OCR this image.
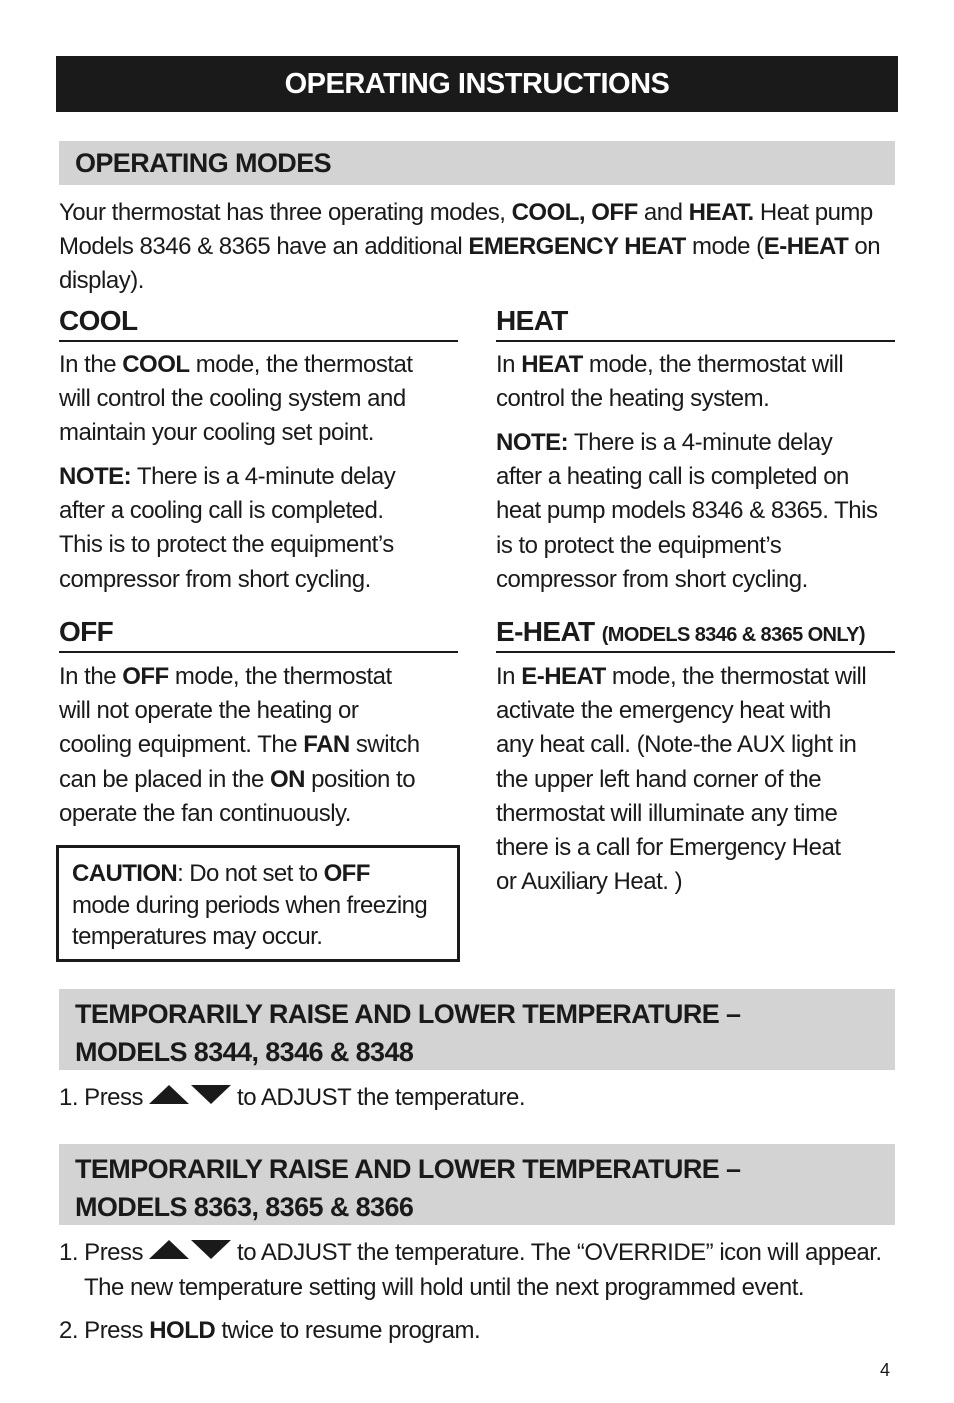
OPERATING INSTRUCTIONS
OPERATING MODES
Your thermostat has three operating modes, COOL, OFF and HEAT. Heat pump
Models 8346 & 8365 have an additional EMERGENCY HEAT mode (E-HEAT on
display).
COOL
In the COOL mode, the thermostat
will control the cooling system and
maintain your cooling set point.
NOTE: There is a 4-minute delay
after a cooling call is completed.
This is to protect the equipment’s
compressor from short cycling.
OFF
In the OFF mode, the thermostat
will not operate the heating or
cooling equipment. The FAN switch
can be placed in the ON position to
operate the fan continuously.
CAUTION: Do not set to OFF
mode during periods when freezing
temperatures may occur.
HEAT
In HEAT mode, the thermostat will
control the heating system.
NOTE: There is a 4-minute delay
after a heating call is completed on
heat pump models 8346 & 8365. This
is to protect the equipment’s
compressor from short cycling.
E-HEAT (MODELS 8346 & 8365 ONLY)
In E-HEAT mode, the thermostat will
activate the emergency heat with
any heat call. (Note-the AUX light in
the upper left hand corner of the
thermostat will illuminate any time
there is a call for Emergency Heat
or Auxiliary Heat. )
TEMPORARILY RAISE AND LOWER TEMPERATURE –
MODELS 8344, 8346 & 8348
1. Press	to ADJUST the temperature.
TEMPORARILY RAISE AND LOWER TEMPERATURE –
MODELS 8363, 8365 & 8366
1. Press	to ADJUST the temperature. The “OVERRIDE” icon will appear.
The new temperature setting will hold until the next programmed event.
2. Press HOLD twice to resume program.
4
